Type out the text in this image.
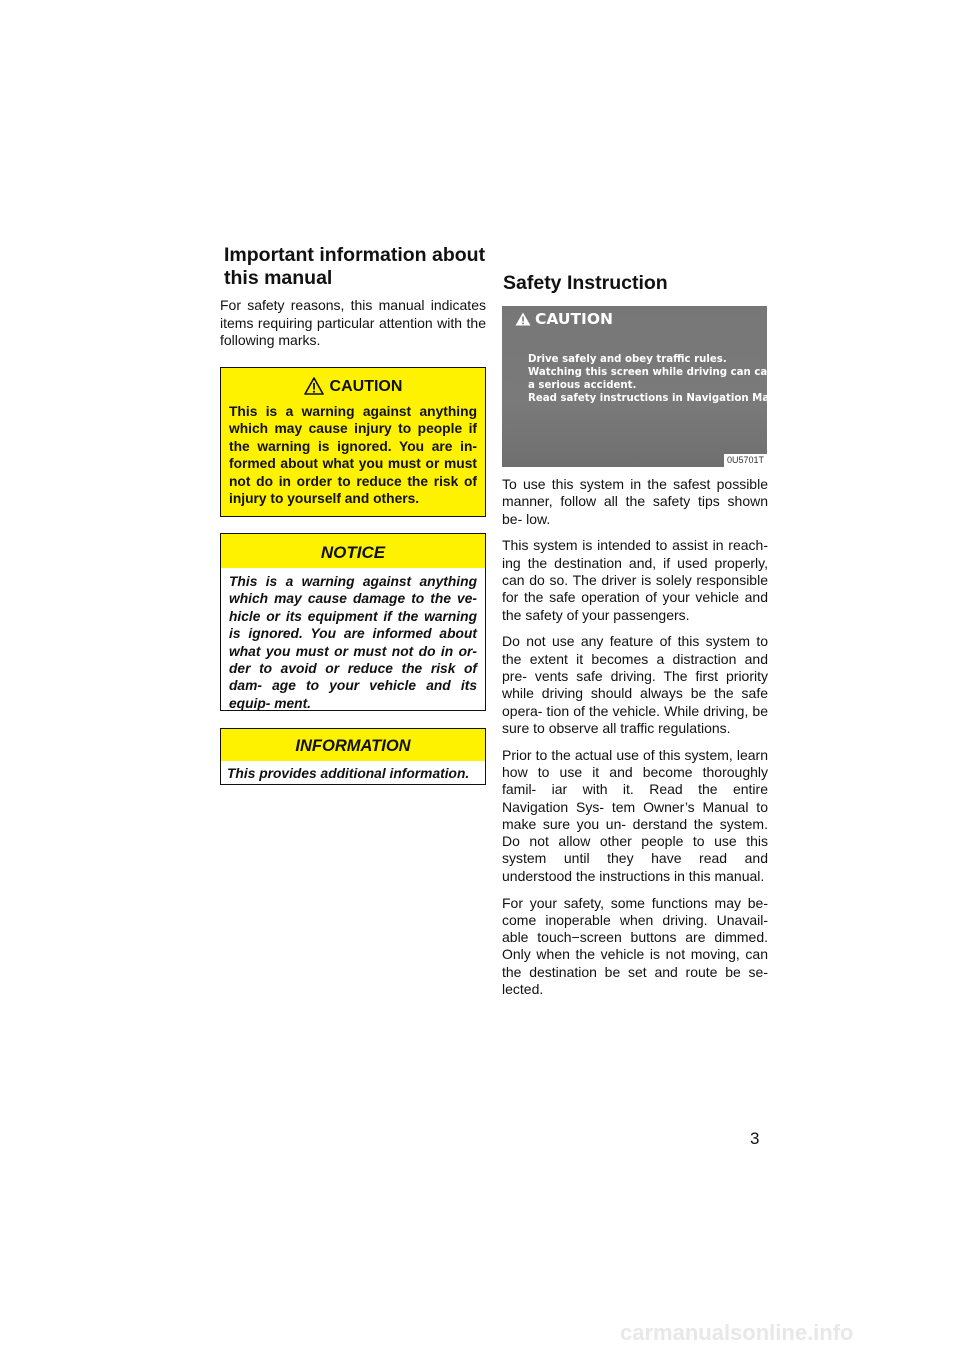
Important information about
this manual
For safety reasons, this manual indicates items requiring particular attention with the following marks.
CAUTION
This is a warning against anything which may cause injury to people if the warning is ignored. You are in- formed about what you must or must not do in order to reduce the risk of injury to yourself and others.
NOTICE
This is a warning against anything which may cause damage to the ve- hicle or its equipment if the warning is ignored. You are informed about what you must or must not do in or- der to avoid or reduce the risk of dam- age to your vehicle and its equip- ment.
INFORMATION
This provides additional information.
Safety Instruction
CAUTION
Drive safely and obey traffic rules.
Watching this screen while driving can cause
a serious accident.
Read safety instructions in Navigation Manual.
0U5701T

To use this system in the safest possible manner, follow all the safety tips shown be- low.

This system is intended to assist in reach- ing the destination and, if used properly, can do so. The driver is solely responsible for the safe operation of your vehicle and the safety of your passengers.

Do not use any feature of this system to the extent it becomes a distraction and pre- vents safe driving. The first priority while driving should always be the safe opera- tion of the vehicle. While driving, be sure to observe all traffic regulations.

Prior to the actual use of this system, learn how to use it and become thoroughly famil- iar with it. Read the entire Navigation Sys- tem Owner’s Manual to make sure you un- derstand the system. Do not allow other people to use this system until they have read and understood the instructions in this manual.

For your safety, some functions may be- come inoperable when driving. Unavail- able touch−screen buttons are dimmed. Only when the vehicle is not moving, can the destination be set and route be se- lected.

3
carmanualsonline.info
